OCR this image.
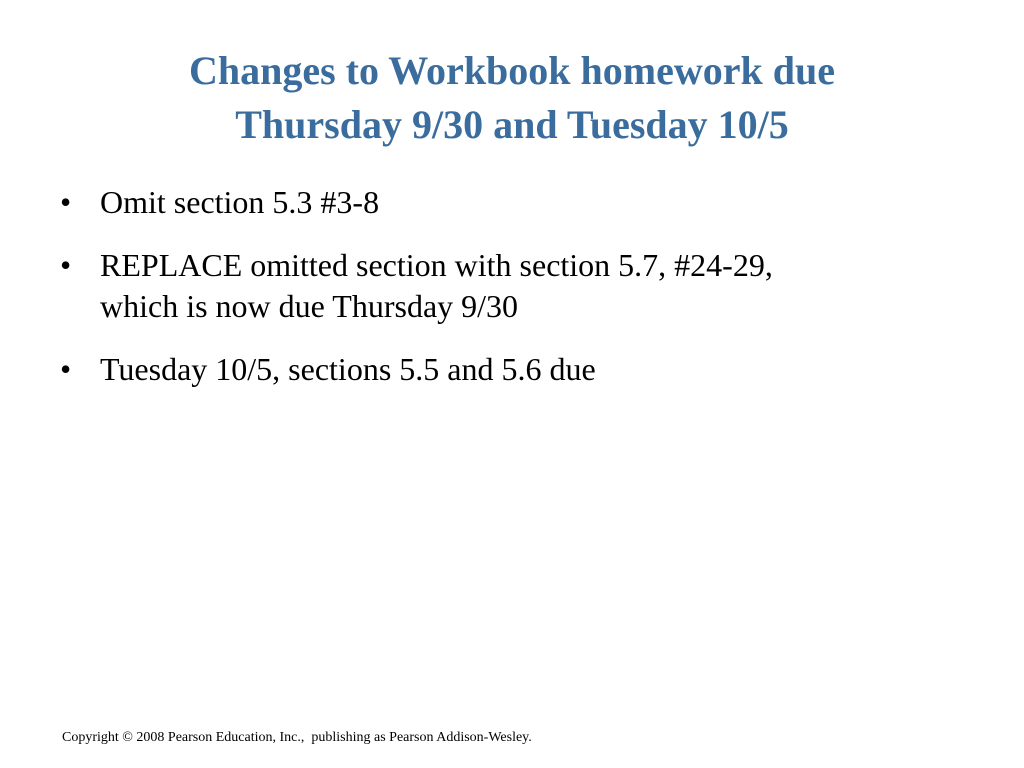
Changes to Workbook homework due
Thursday 9/30 and Tuesday 10/5
• Omit section 5.3 #3-8
• REPLACE omitted section with section 5.7, #24-29,
which is now due Thursday 9/30
• Tuesday 10/5, sections 5.5 and 5.6 due
Copyright © 2008 Pearson Education, Inc.,  publishing as Pearson Addison-Wesley.
